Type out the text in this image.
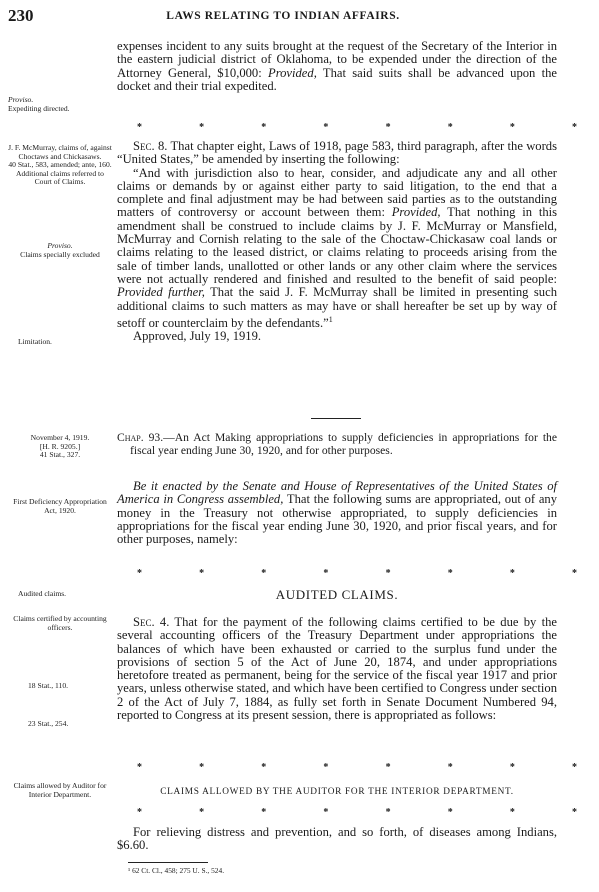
230	LAWS RELATING TO INDIAN AFFAIRS.
Proviso.
Expediting directed.
J. F. McMurray, claims of, against Choctaws and Chickasaws.
40 Stat., 583, amended; ante, 160.
Additional claims referred to Court of Claims.
Proviso.
Claims specially excluded
Limitation.
November 4, 1919.
[H. R. 9205.]
41 Stat., 327.
First Deficiency Appropriation Act, 1920.
Audited claims.
Claims certified by accounting officers.
18 Stat., 110.
23 Stat., 254.
Claims allowed by Auditor for Interior Department.

expenses incident to any suits brought at the request of the Secretary of the Interior in the eastern judicial district of Oklahoma, to be expended under the direction of the Attorney General, $10,000: Provided, That said suits shall be advanced upon the docket and their trial expedited.

*	*	*	*	*	*	*	*

Sec. 8. That chapter eight, Laws of 1918, page 583, third paragraph, after the words “United States,” be amended by inserting the following:

“And with jurisdiction also to hear, consider, and adjudicate any and all other claims or demands by or against either party to said litigation, to the end that a complete and final adjustment may be had between said parties as to the outstanding matters of controversy or account between them: Provided, That nothing in this amendment shall be construed to include claims by J. F. McMurray or Mansfield, McMurray and Cornish relating to the sale of the Choctaw-Chickasaw coal lands or claims relating to the leased district, or claims relating to proceeds arising from the sale of timber lands, unallotted or other lands or any other claim where the services were not actually rendered and finished and resulted to the benefit of said people: Provided further, That the said J. F. McMurray shall be limited in presenting such additional claims to such matters as may have or shall hereafter be set up by way of setoff or counterclaim by the defendants.”$^1$

Approved, July 19, 1919.

Chap. 93.—An Act Making appropriations to supply deficiencies in appropriations for the fiscal year ending June 30, 1920, and for other purposes.

Be it enacted by the Senate and House of Representatives of the United States of America in Congress assembled, That the following sums are appropriated, out of any money in the Treasury not otherwise appropriated, to supply deficiencies in appropriations for the fiscal year ending June 30, 1920, and prior fiscal years, and for other purposes, namely:

*	*	*	*	*	*	*	*
AUDITED CLAIMS.

Sec. 4. That for the payment of the following claims certified to be due by the several accounting officers of the Treasury Department under appropriations the balances of which have been exhausted or carried to the surplus fund under the provisions of section 5 of the Act of June 20, 1874, and under appropriations heretofore treated as permanent, being for the service of the fiscal year 1917 and prior years, unless otherwise stated, and which have been certified to Congress under section 2 of the Act of July 7, 1884, as fully set forth in Senate Document Numbered 94, reported to Congress at its present session, there is appropriated as follows:

*	*	*	*	*	*	*	*
CLAIMS ALLOWED BY THE AUDITOR FOR THE INTERIOR DEPARTMENT.
*	*	*	*	*	*	*	*

For relieving distress and prevention, and so forth, of diseases among Indians, $6.60.

¹ 62 Ct. Cl., 458; 275 U. S., 524.
